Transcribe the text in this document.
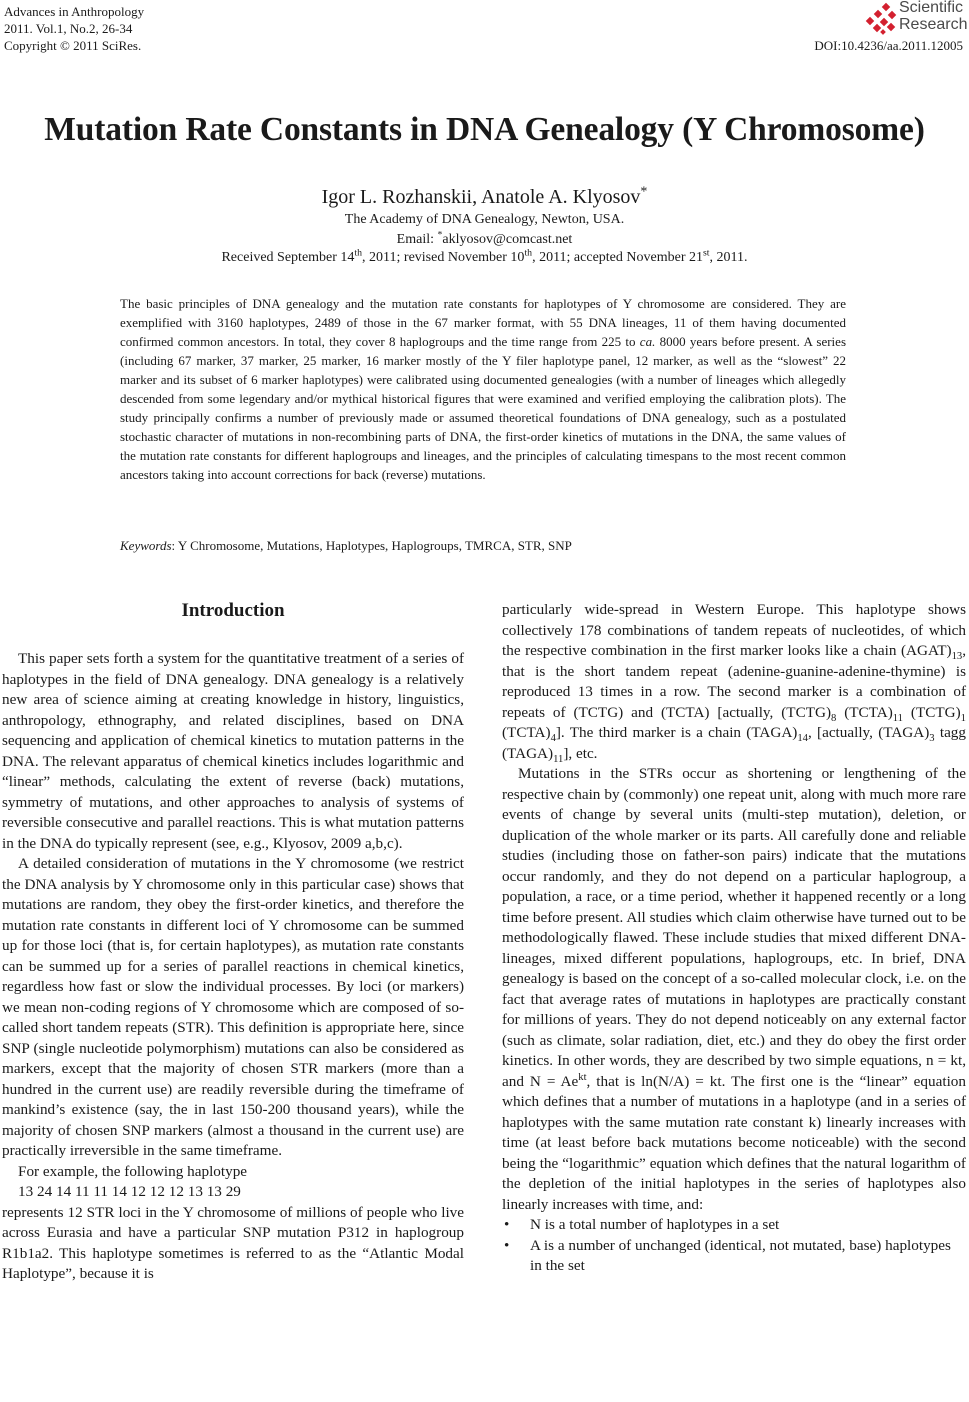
Advances in Anthropology
2011. Vol.1, No.2, 26-34
Copyright © 2011 SciRes.
Scientific
Research
DOI:10.4236/aa.2011.12005
Mutation Rate Constants in DNA Genealogy (Y Chromosome)
Igor L. Rozhanskii, Anatole A. Klyosov*
The Academy of DNA Genealogy, Newton, USA.
Email: *aklyosov@comcast.net
Received September 14th, 2011; revised November 10th, 2011; accepted November 21st, 2011.
The basic principles of DNA genealogy and the mutation rate constants for haplotypes of Y chromosome are considered. They are exemplified with 3160 haplotypes, 2489 of those in the 67 marker format, with 55 DNA lineages, 11 of them having documented confirmed common ancestors. In total, they cover 8 haplogroups and the time range from 225 to ca. 8000 years before present. A series (including 67 marker, 37 marker, 25 marker, 16 marker mostly of the Y filer haplotype panel, 12 marker, as well as the “slowest” 22 marker and its subset of 6 marker haplotypes) were calibrated using documented genealogies (with a number of lineages which allegedly descended from some legendary and/or mythical historical figures that were examined and verified employing the calibration plots). The study principally confirms a number of previously made or assumed theoretical foundations of DNA genealogy, such as a postulated stochastic character of mutations in non-recombining parts of DNA, the first-order kinetics of mutations in the DNA, the same values of the mutation rate constants for different haplogroups and lineages, and the principles of calculating timespans to the most recent common ancestors taking into account corrections for back (reverse) mutations.
Keywords: Y Chromosome, Mutations, Haplotypes, Haplogroups, TMRCA, STR, SNP
Introduction

This paper sets forth a system for the quantitative treatment of a series of haplotypes in the field of DNA genealogy. DNA genealogy is a relatively new area of science aiming at creating knowledge in history, linguistics, anthropology, ethnography, and related disciplines, based on DNA sequencing and application of chemical kinetics to mutation patterns in the DNA. The relevant apparatus of chemical kinetics includes logarithmic and “linear” methods, calculating the extent of reverse (back) mutations, symmetry of mutations, and other approaches to analysis of systems of reversible consecutive and parallel reactions. This is what mutation patterns in the DNA do typically represent (see, e.g., Klyosov, 2009 a,b,c).

A detailed consideration of mutations in the Y chromosome (we restrict the DNA analysis by Y chromosome only in this particular case) shows that mutations are random, they obey the first-order kinetics, and therefore the mutation rate constants in different loci of Y chromosome can be summed up for those loci (that is, for certain haplotypes), as mutation rate constants can be summed up for a series of parallel reactions in chemical kinetics, regardless how fast or slow the individual processes. By loci (or markers) we mean non-coding regions of Y chromosome which are composed of so-called short tandem repeats (STR). This definition is appropriate here, since SNP (single nucleotide polymorphism) mutations can also be considered as markers, except that the majority of chosen STR markers (more than a hundred in the current use) are readily reversible during the timeframe of mankind’s existence (say, the in last 150-200 thousand years), while the majority of chosen SNP markers (almost a thousand in the current use) are practically irreversible in the same timeframe.

For example, the following haplotype

13 24 14 11 11 14 12 12 12 13 13 29

represents 12 STR loci in the Y chromosome of millions of people who live across Eurasia and have a particular SNP mutation P312 in haplogroup R1b1a2. This haplotype sometimes is referred to as the “Atlantic Modal Haplotype”, because it is

particularly wide-spread in Western Europe. This haplotype shows collectively 178 combinations of tandem repeats of nucleotides, of which the respective combination in the first marker looks like a chain $(AGAT)_{13}$, that is the short tandem repeat (adenine-guanine-adenine-thymine) is reproduced 13 times in a row. The second marker is a combination of repeats of (TCTG) and (TCTA) [actually, $(TCTG)_8$ $(TCTA)_{11}$ $(TCTG)_1$ $(TCTA)_4$]. The third marker is a chain $(TAGA)_{14}$, [actually, $(TAGA)_3$ tagg $(TAGA)_{11}$], etc.

Mutations in the STRs occur as shortening or lengthening of the respective chain by (commonly) one repeat unit, along with much more rare events of change by several units (multi-step mutation), deletion, or duplication of the whole marker or its parts. All carefully done and reliable studies (including those on father-son pairs) indicate that the mutations occur randomly, and they do not depend on a particular haplogroup, a population, a race, or a time period, whether it happened recently or a long time before present. All studies which claim otherwise have turned out to be methodologically flawed. These include studies that mixed different DNA-lineages, mixed different populations, haplogroups, etc. In brief, DNA genealogy is based on the concept of a so-called molecular clock, i.e. on the fact that average rates of mutations in haplotypes are practically constant for millions of years. They do not depend noticeably on any external factor (such as climate, solar radiation, diet, etc.) and they do obey the first order kinetics. In other words, they are described by two simple equations, n = kt, and $N = Ae^{kt}$, that is ln(N/A) = kt. The first one is the “linear” equation which defines that a number of mutations in a haplotype (and in a series of haplotypes with the same mutation rate constant k) linearly increases with time (at least before back mutations become noticeable) with the second being the “logarithmic” equation which defines that the natural logarithm of the depletion of the initial haplotypes in the series of haplotypes also linearly increases with time, and:

• N is a total number of haplotypes in a set
• A is a number of unchanged (identical, not mutated, base) haplotypes in the set
